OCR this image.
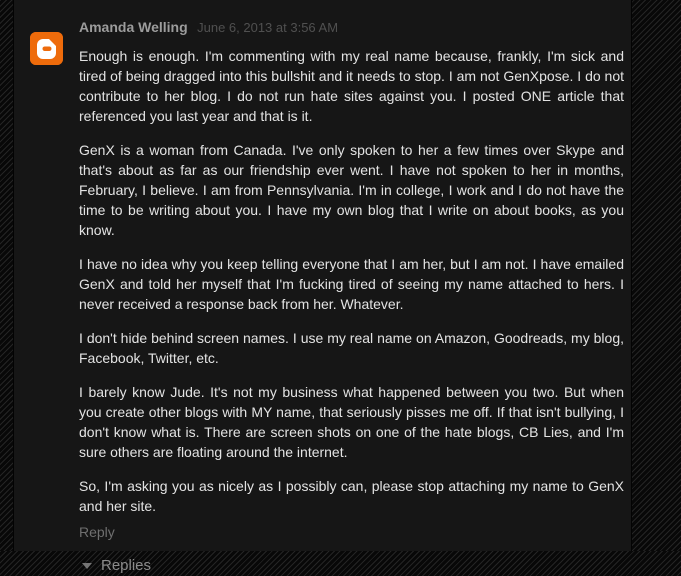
Amanda Welling June 6, 2013 at 3:56 AM

Enough is enough. I'm commenting with my real name because, frankly, I'm sick and tired of being dragged into this bullshit and it needs to stop. I am not GenXpose. I do not contribute to her blog. I do not run hate sites against you. I posted ONE article that referenced you last year and that is it.

GenX is a woman from Canada. I've only spoken to her a few times over Skype and that's about as far as our friendship ever went. I have not spoken to her in months, February, I believe. I am from Pennsylvania. I'm in college, I work and I do not have the time to be writing about you. I have my own blog that I write on about books, as you know.

I have no idea why you keep telling everyone that I am her, but I am not. I have emailed GenX and told her myself that I'm fucking tired of seeing my name attached to hers. I never received a response back from her. Whatever.

I don't hide behind screen names. I use my real name on Amazon, Goodreads, my blog, Facebook, Twitter, etc.

I barely know Jude. It's not my business what happened between you two. But when you create other blogs with MY name, that seriously pisses me off. If that isn't bullying, I don't know what is. There are screen shots on one of the hate blogs, CB Lies, and I'm sure others are floating around the internet.

So, I'm asking you as nicely as I possibly can, please stop attaching my name to GenX and her site.

Reply
Replies
